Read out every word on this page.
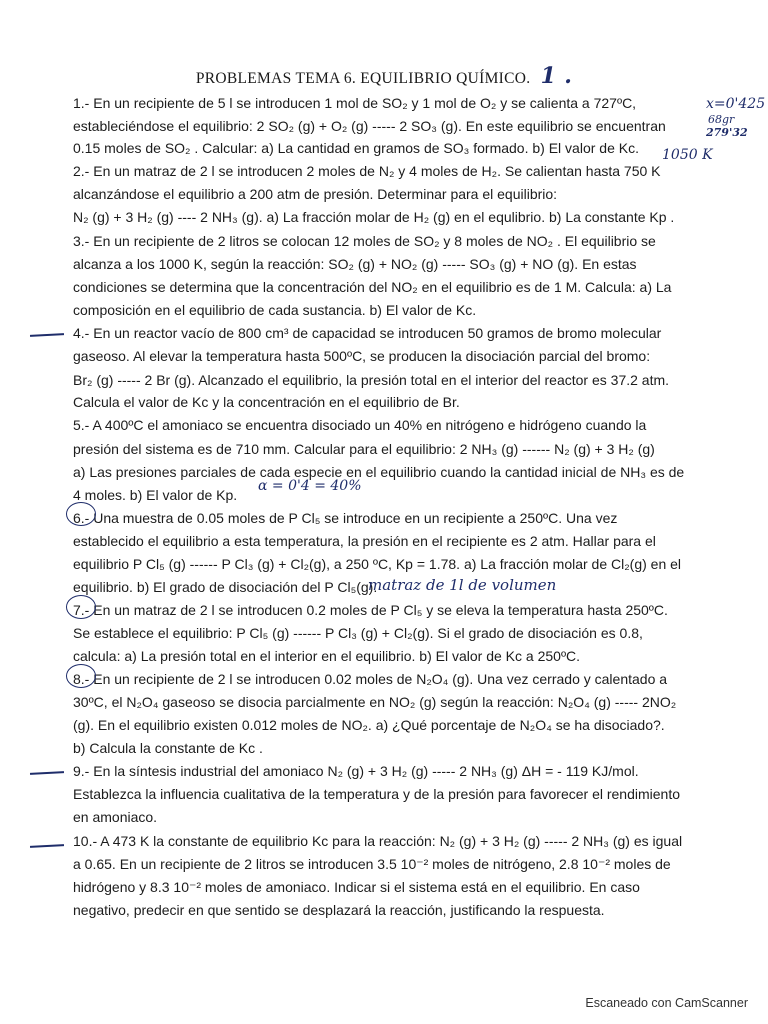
PROBLEMAS TEMA 6. EQUILIBRIO QUÍMICO. 1 .
1.- En un recipiente de 5 l se introducen 1 mol de SO₂ y 1 mol de O₂ y se calienta a 727ºC,
estableciéndose el equilibrio: 2 SO₂ (g) + O₂ (g) ----- 2 SO₃ (g). En este equilibrio se encuentran
0.15 moles de SO₂ . Calcular: a) La cantidad en gramos de SO₃ formado. b) El valor de Kc.
2.- En un matraz de 2 l se introducen 2 moles de N₂ y 4 moles de H₂. Se calientan hasta 750 K
alcanzándose el equilibrio a 200 atm de presión. Determinar para el equilibrio:
N₂ (g) + 3 H₂ (g) ---- 2 NH₃ (g). a) La fracción molar de H₂ (g) en el equlibrio. b) La constante Kp .
3.- En un recipiente de 2 litros se colocan 12 moles de SO₂ y 8 moles de NO₂ . El equilibrio se
alcanza a los 1000 K, según la reacción: SO₂ (g) + NO₂ (g) ----- SO₃ (g) + NO (g). En estas
condiciones se determina que la concentración del NO₂ en el equilibrio es de 1 M. Calcula: a) La
composición en el equilibrio de cada sustancia. b) El valor de Kc.
4.- En un reactor vacío de 800 cm³ de capacidad se introducen 50 gramos de bromo molecular
gaseoso. Al elevar la temperatura hasta 500ºC, se producen la disociación parcial del bromo:
Br₂ (g) ----- 2 Br (g). Alcanzado el equilibrio, la presión total en el interior del reactor es 37.2 atm.
Calcula el valor de Kc y la concentración en el equilibrio de Br.
5.- A 400ºC el amoniaco se encuentra disociado un 40% en nitrógeno e hidrógeno cuando la
presión del sistema es de 710 mm. Calcular para el equilibrio: 2 NH₃ (g) ------ N₂ (g) + 3 H₂ (g)
a) Las presiones parciales de cada especie en el equilibrio cuando la cantidad inicial de NH₃ es de
4 moles. b) El valor de Kp.
6.- Una muestra de 0.05 moles de P Cl₅ se introduce en un recipiente a 250ºC. Una vez
establecido el equilibrio a esta temperatura, la presión en el recipiente es 2 atm. Hallar para el
equilibrio P Cl₅ (g) ------ P Cl₃ (g) + Cl₂(g), a 250 ºC, Kp = 1.78. a) La fracción molar de Cl₂(g) en el
equilibrio. b) El grado de disociación del P Cl₅(g).
7.- En un matraz de 2 l se introducen 0.2 moles de P Cl₅ y se eleva la temperatura hasta 250ºC.
Se establece el equilibrio: P Cl₅ (g) ------ P Cl₃ (g) + Cl₂(g). Si el grado de disociación es 0.8,
calcula: a) La presión total en el interior en el equilibrio. b) El valor de Kc a 250ºC.
8.- En un recipiente de 2 l se introducen 0.02 moles de N₂O₄ (g). Una vez cerrado y calentado a
30ºC, el N₂O₄ gaseoso se disocia parcialmente en NO₂ (g) según la reacción: N₂O₄ (g) ----- 2NO₂
(g). En el equilibrio existen 0.012 moles de NO₂. a) ¿Qué porcentaje de N₂O₄ se ha disociado?.
b) Calcula la constante de Kc .
9.- En la síntesis industrial del amoniaco N₂ (g) + 3 H₂ (g) ----- 2 NH₃ (g) ΔH = - 119 KJ/mol.
Establezca la influencia cualitativa de la temperatura y de la presión para favorecer el rendimiento
en amoniaco.
10.- A 473 K la constante de equilibrio Kc para la reacción: N₂ (g) + 3 H₂ (g) ----- 2 NH₃ (g) es igual
a 0.65. En un recipiente de 2 litros se introducen 3.5 10⁻² moles de nitrógeno, 2.8 10⁻² moles de
hidrógeno y 8.3 10⁻² moles de amoniaco. Indicar si el sistema está en el equilibrio. En caso
negativo, predecir en que sentido se desplazará la reacción, justificando la respuesta.
x=0'425
68gr
279'32
1050 K
α = 0'4 = 40%
matraz de 1l de volumen
Escaneado con CamScanner
